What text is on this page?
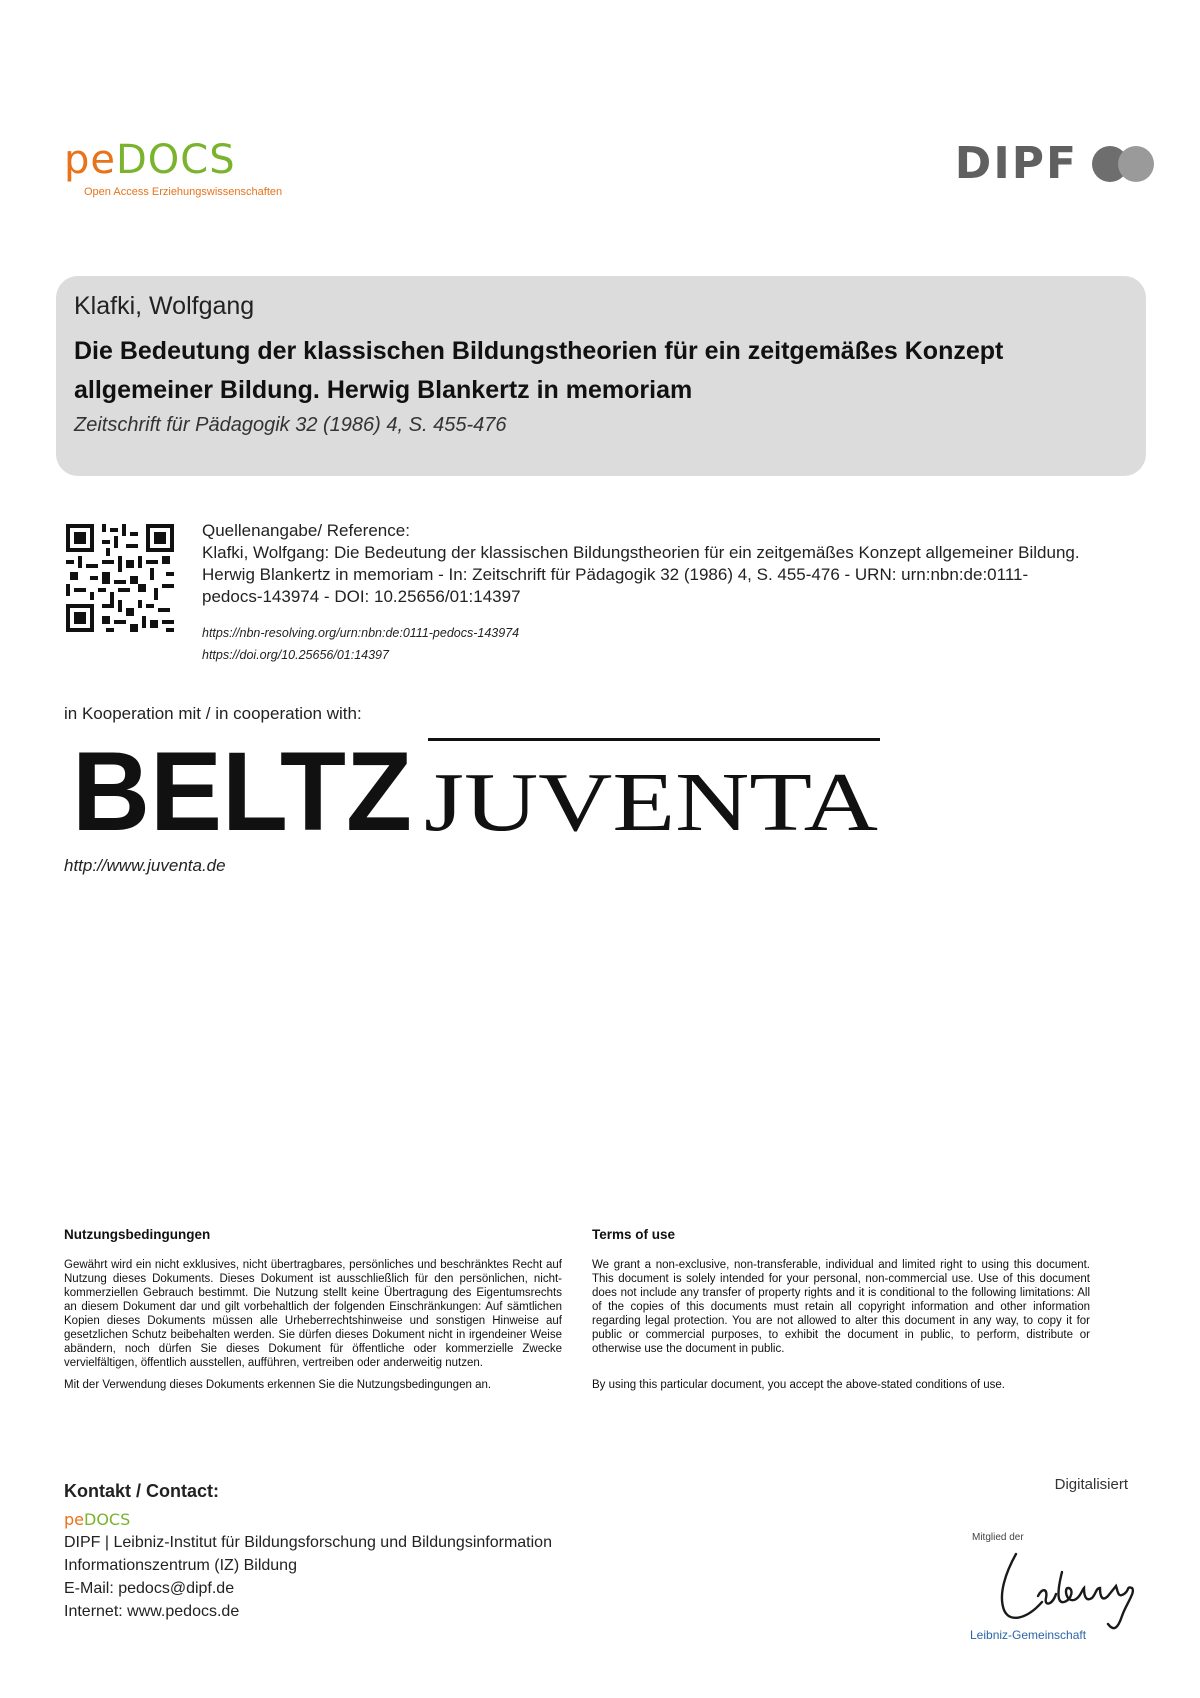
peDOCS
Open Access Erziehungswissenschaften
DIPF
Klafki, Wolfgang
Die Bedeutung der klassischen Bildungstheorien für ein zeitgemäßes Konzept allgemeiner Bildung. Herwig Blankertz in memoriam
Zeitschrift für Pädagogik 32 (1986) 4, S. 455-476
Quellenangabe/ Reference:
Klafki, Wolfgang: Die Bedeutung der klassischen Bildungstheorien für ein zeitgemäßes Konzept allgemeiner Bildung. Herwig Blankertz in memoriam - In: Zeitschrift für Pädagogik 32 (1986) 4, S. 455-476 - URN: urn:nbn:de:0111-pedocs-143974 - DOI: 10.25656/01:14397
https://nbn-resolving.org/urn:nbn:de:0111-pedocs-143974
https://doi.org/10.25656/01:14397
in Kooperation mit / in cooperation with:
BELTZ JUVENTA
http://www.juventa.de
Nutzungsbedingungen

Gewährt wird ein nicht exklusives, nicht übertragbares, persönliches und beschränktes Recht auf Nutzung dieses Dokuments. Dieses Dokument ist ausschließlich für den persönlichen, nicht-kommerziellen Gebrauch bestimmt. Die Nutzung stellt keine Übertragung des Eigentumsrechts an diesem Dokument dar und gilt vorbehaltlich der folgenden Einschränkungen: Auf sämtlichen Kopien dieses Dokuments müssen alle Urheberrechtshinweise und sonstigen Hinweise auf gesetzlichen Schutz beibehalten werden. Sie dürfen dieses Dokument nicht in irgendeiner Weise abändern, noch dürfen Sie dieses Dokument für öffentliche oder kommerzielle Zwecke vervielfältigen, öffentlich ausstellen, aufführen, vertreiben oder anderweitig nutzen.

Mit der Verwendung dieses Dokuments erkennen Sie die Nutzungsbedingungen an.

Terms of use

We grant a non-exclusive, non-transferable, individual and limited right to using this document. This document is solely intended for your personal, non-commercial use. Use of this document does not include any transfer of property rights and it is conditional to the following limitations: All of the copies of this documents must retain all copyright information and other information regarding legal protection. You are not allowed to alter this document in any way, to copy it for public or commercial purposes, to exhibit the document in public, to perform, distribute or otherwise use the document in public.

By using this particular document, you accept the above-stated conditions of use.

Kontakt / Contact:
peDOCS
DIPF | Leibniz-Institut für Bildungsforschung und Bildungsinformation
Informationszentrum (IZ) Bildung
E-Mail: pedocs@dipf.de
Internet: www.pedocs.de
Digitalisiert
Mitglied der
Leibniz
Leibniz-Gemeinschaft
